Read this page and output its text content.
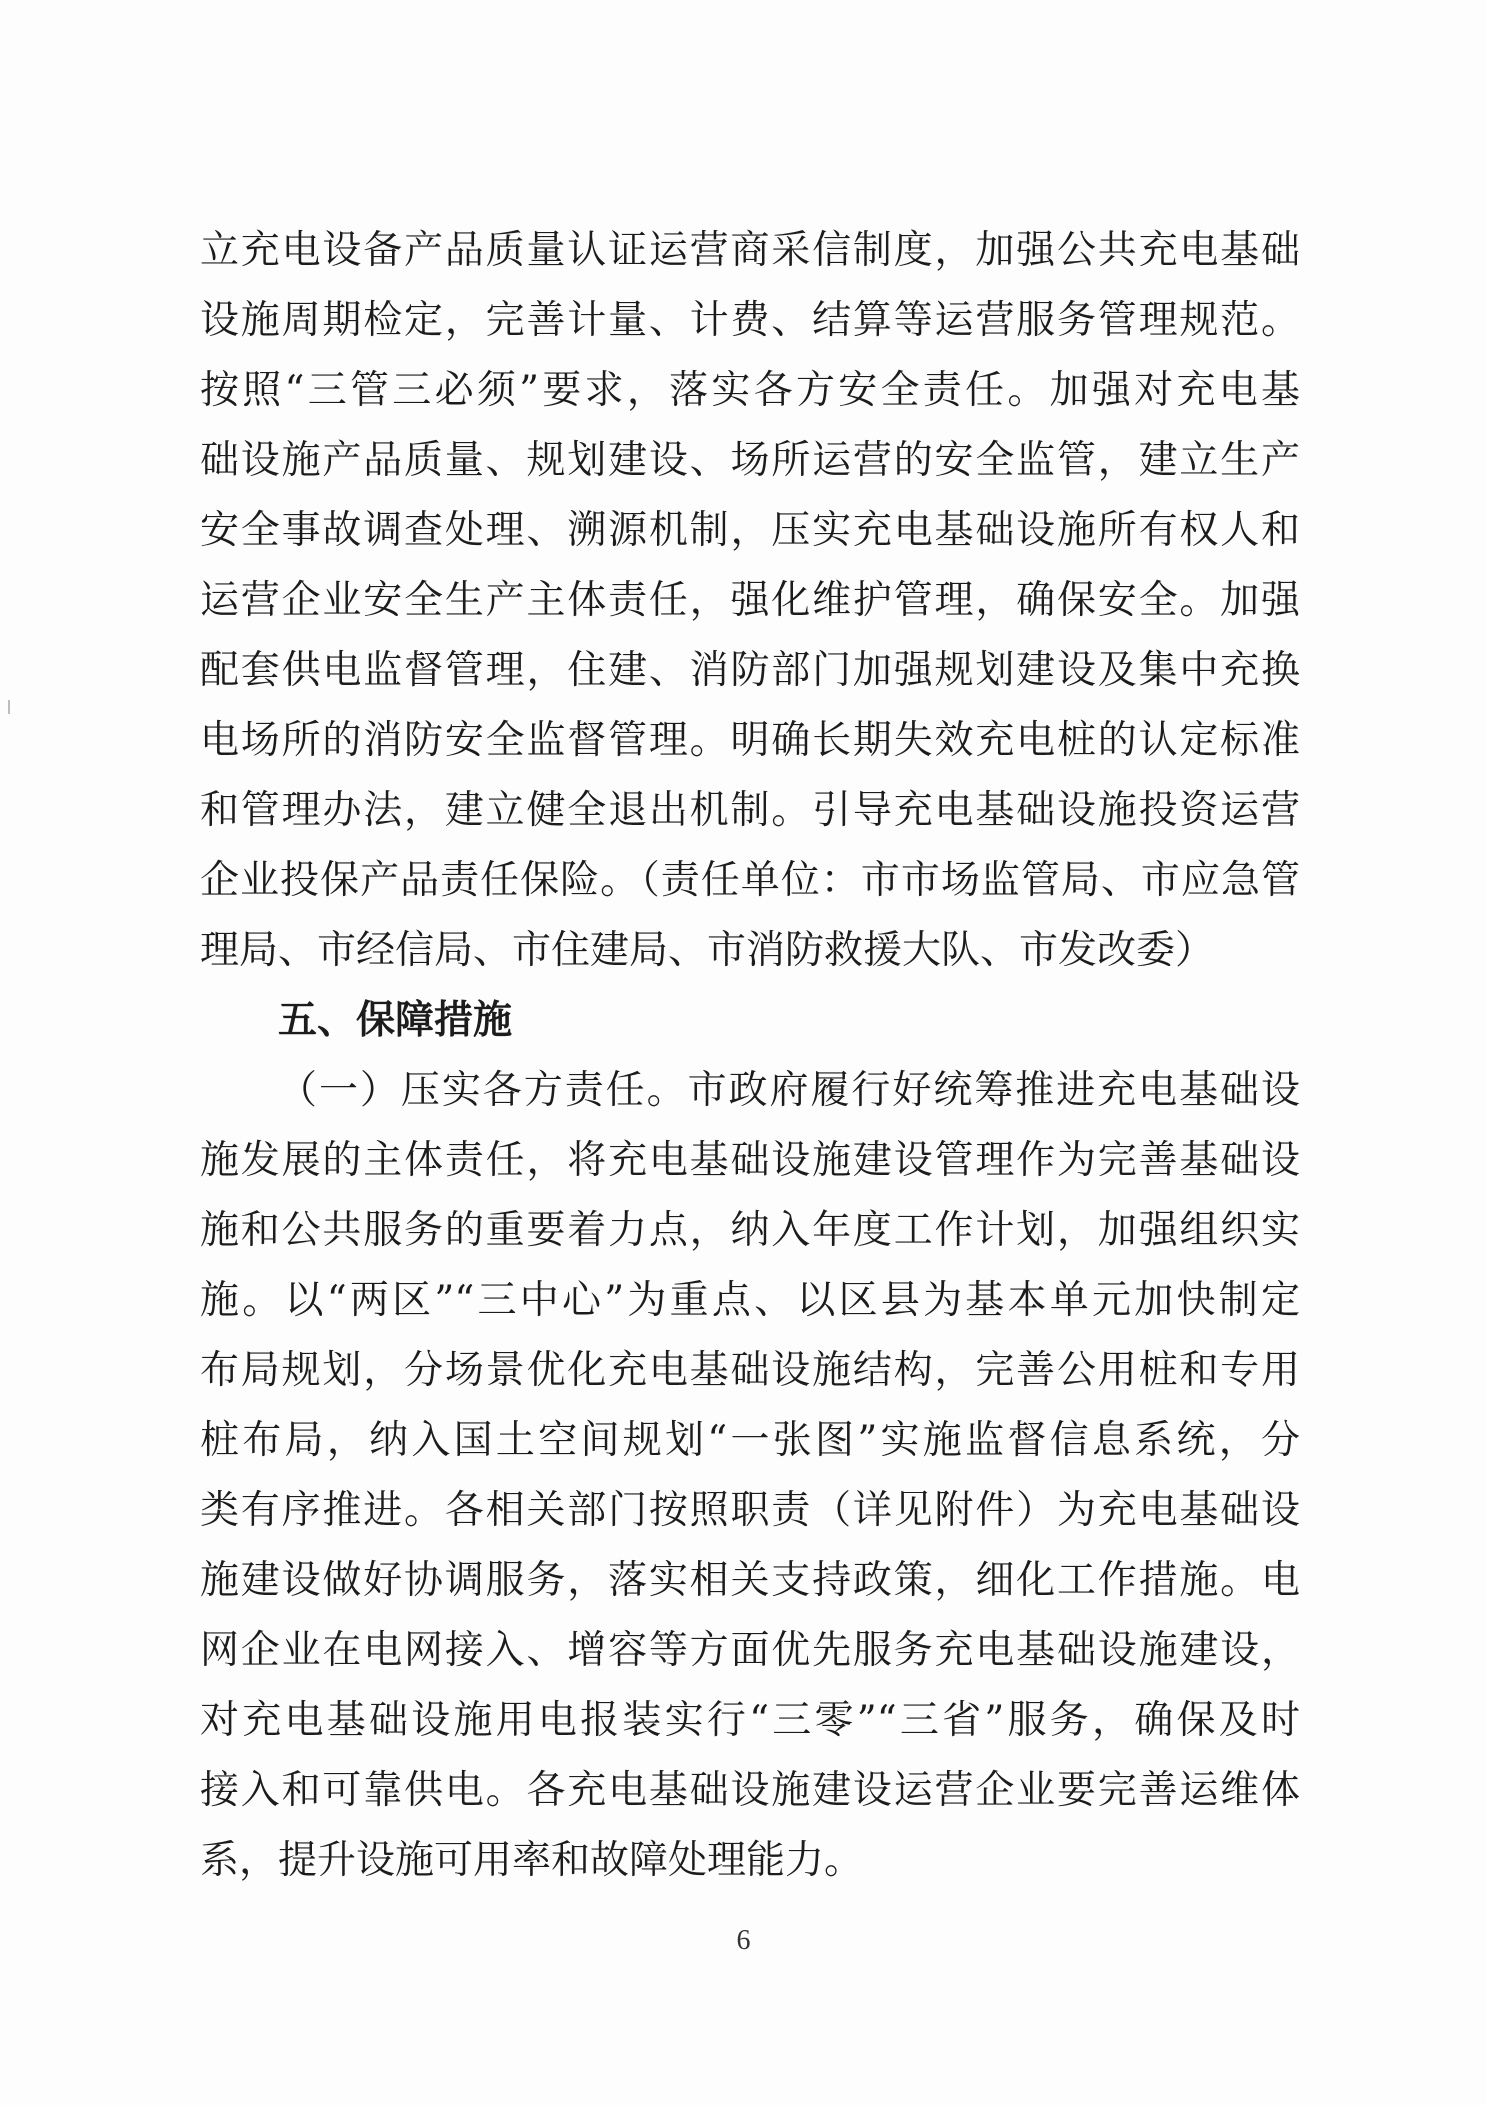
立充电设备产品质量认证运营商采信制度，加强公共充电基础
设施周期检定，完善计量、计费、结算等运营服务管理规范。
按照“三管三必须”要求，落实各方安全责任。加强对充电基
础设施产品质量、规划建设、场所运营的安全监管，建立生产
安全事故调查处理、溯源机制，压实充电基础设施所有权人和
运营企业安全生产主体责任，强化维护管理，确保安全。加强
配套供电监督管理，住建、消防部门加强规划建设及集中充换
电场所的消防安全监督管理。明确长期失效充电桩的认定标准
和管理办法，建立健全退出机制。引导充电基础设施投资运营
企业投保产品责任保险。（责任单位：市市场监管局、市应急管
理局、市经信局、市住建局、市消防救援大队、市发改委）
五、保障措施
（一）压实各方责任。市政府履行好统筹推进充电基础设
施发展的主体责任，将充电基础设施建设管理作为完善基础设
施和公共服务的重要着力点，纳入年度工作计划，加强组织实
施。以“两区”“三中心”为重点、以区县为基本单元加快制定
布局规划，分场景优化充电基础设施结构，完善公用桩和专用
桩布局，纳入国土空间规划“一张图”实施监督信息系统，分
类有序推进。各相关部门按照职责（详见附件）为充电基础设
施建设做好协调服务，落实相关支持政策，细化工作措施。电
网企业在电网接入、增容等方面优先服务充电基础设施建设，
对充电基础设施用电报装实行“三零”“三省”服务，确保及时
接入和可靠供电。各充电基础设施建设运营企业要完善运维体
系，提升设施可用率和故障处理能力。
6
